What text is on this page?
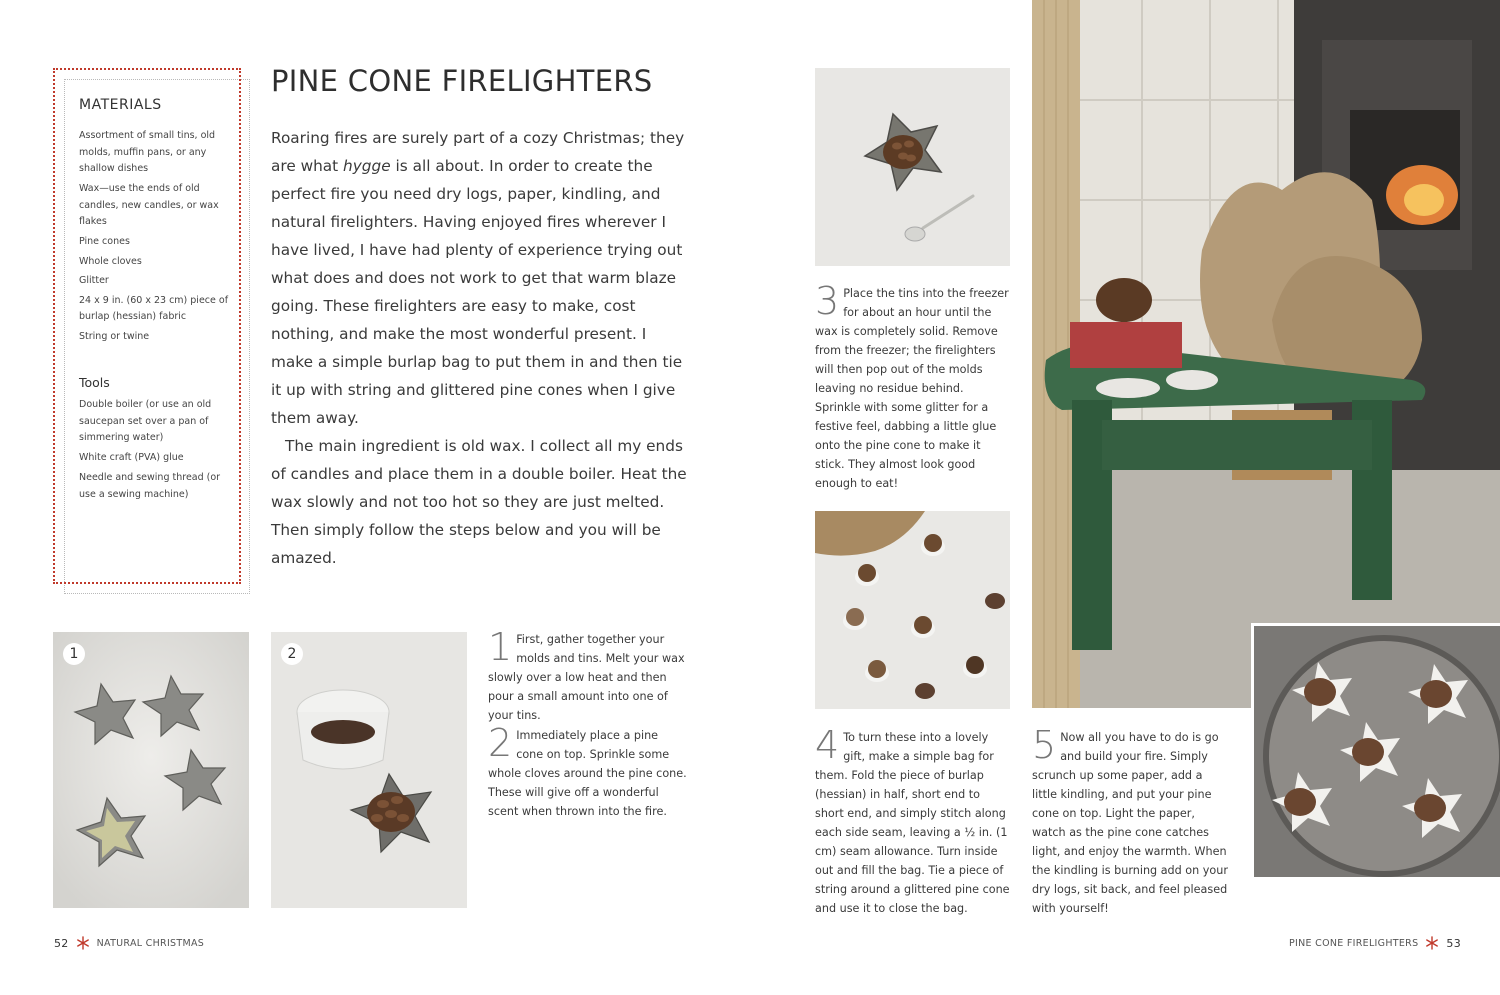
MATERIALS
Assortment of small tins, old molds, muffin pans, or any shallow dishes
Wax—use the ends of old candles, new candles, or wax flakes
Pine cones
Whole cloves
Glitter
24 x 9 in. (60 x 23 cm) piece of burlap (hessian) fabric
String or twine
Tools
Double boiler (or use an old saucepan set over a pan of simmering water)
White craft (PVA) glue
Needle and sewing thread (or use a sewing machine)
PINE CONE FIRELIGHTERS

Roaring fires are surely part of a cozy Christmas; they are what hygge is all about. In order to create the perfect fire you need dry logs, paper, kindling, and natural firelighters. Having enjoyed fires wherever I have lived, I have had plenty of experience trying out what does and does not work to get that warm blaze going. These firelighters are easy to make, cost nothing, and make the most wonderful present. I make a simple burlap bag to put them in and then tie it up with string and glittered pine cones when I give them away.

The main ingredient is old wax. I collect all my ends of candles and place them in a double boiler. Heat the wax slowly and not too hot so they are just melted. Then simply follow the steps below and you will be amazed.

1	2	1 First, gather together your molds and tins. Melt your wax slowly over a low heat and then pour a small amount into one of your tins.
2 Immediately place a pine cone on top. Sprinkle some whole cloves around the pine cone. These will give off a wonderful scent when thrown into the fire.
3 Place the tins into the freezer for about an hour until the wax is completely solid. Remove from the freezer; the firelighters will then pop out of the molds leaving no residue behind. Sprinkle with some glitter for a festive feel, dabbing a little glue onto the pine cone to make it stick. They almost look good enough to eat!
4 To turn these into a lovely gift, make a simple bag for them. Fold the piece of burlap (hessian) in half, short end to short end, and simply stitch along each side seam, leaving a ½ in. (1 cm) seam allowance. Turn inside out and fill the bag. Tie a piece of string around a glittered pine cone and use it to close the bag.
5 Now all you have to do is go and build your fire. Simply scrunch up some paper, add a little kindling, and put your pine cone on top. Light the paper, watch as the pine cone catches light, and enjoy the warmth. When the kindling is burning add on your dry logs, sit back, and feel pleased with yourself!
52	NATURAL CHRISTMAS	PINE CONE FIRELIGHTERS	53
